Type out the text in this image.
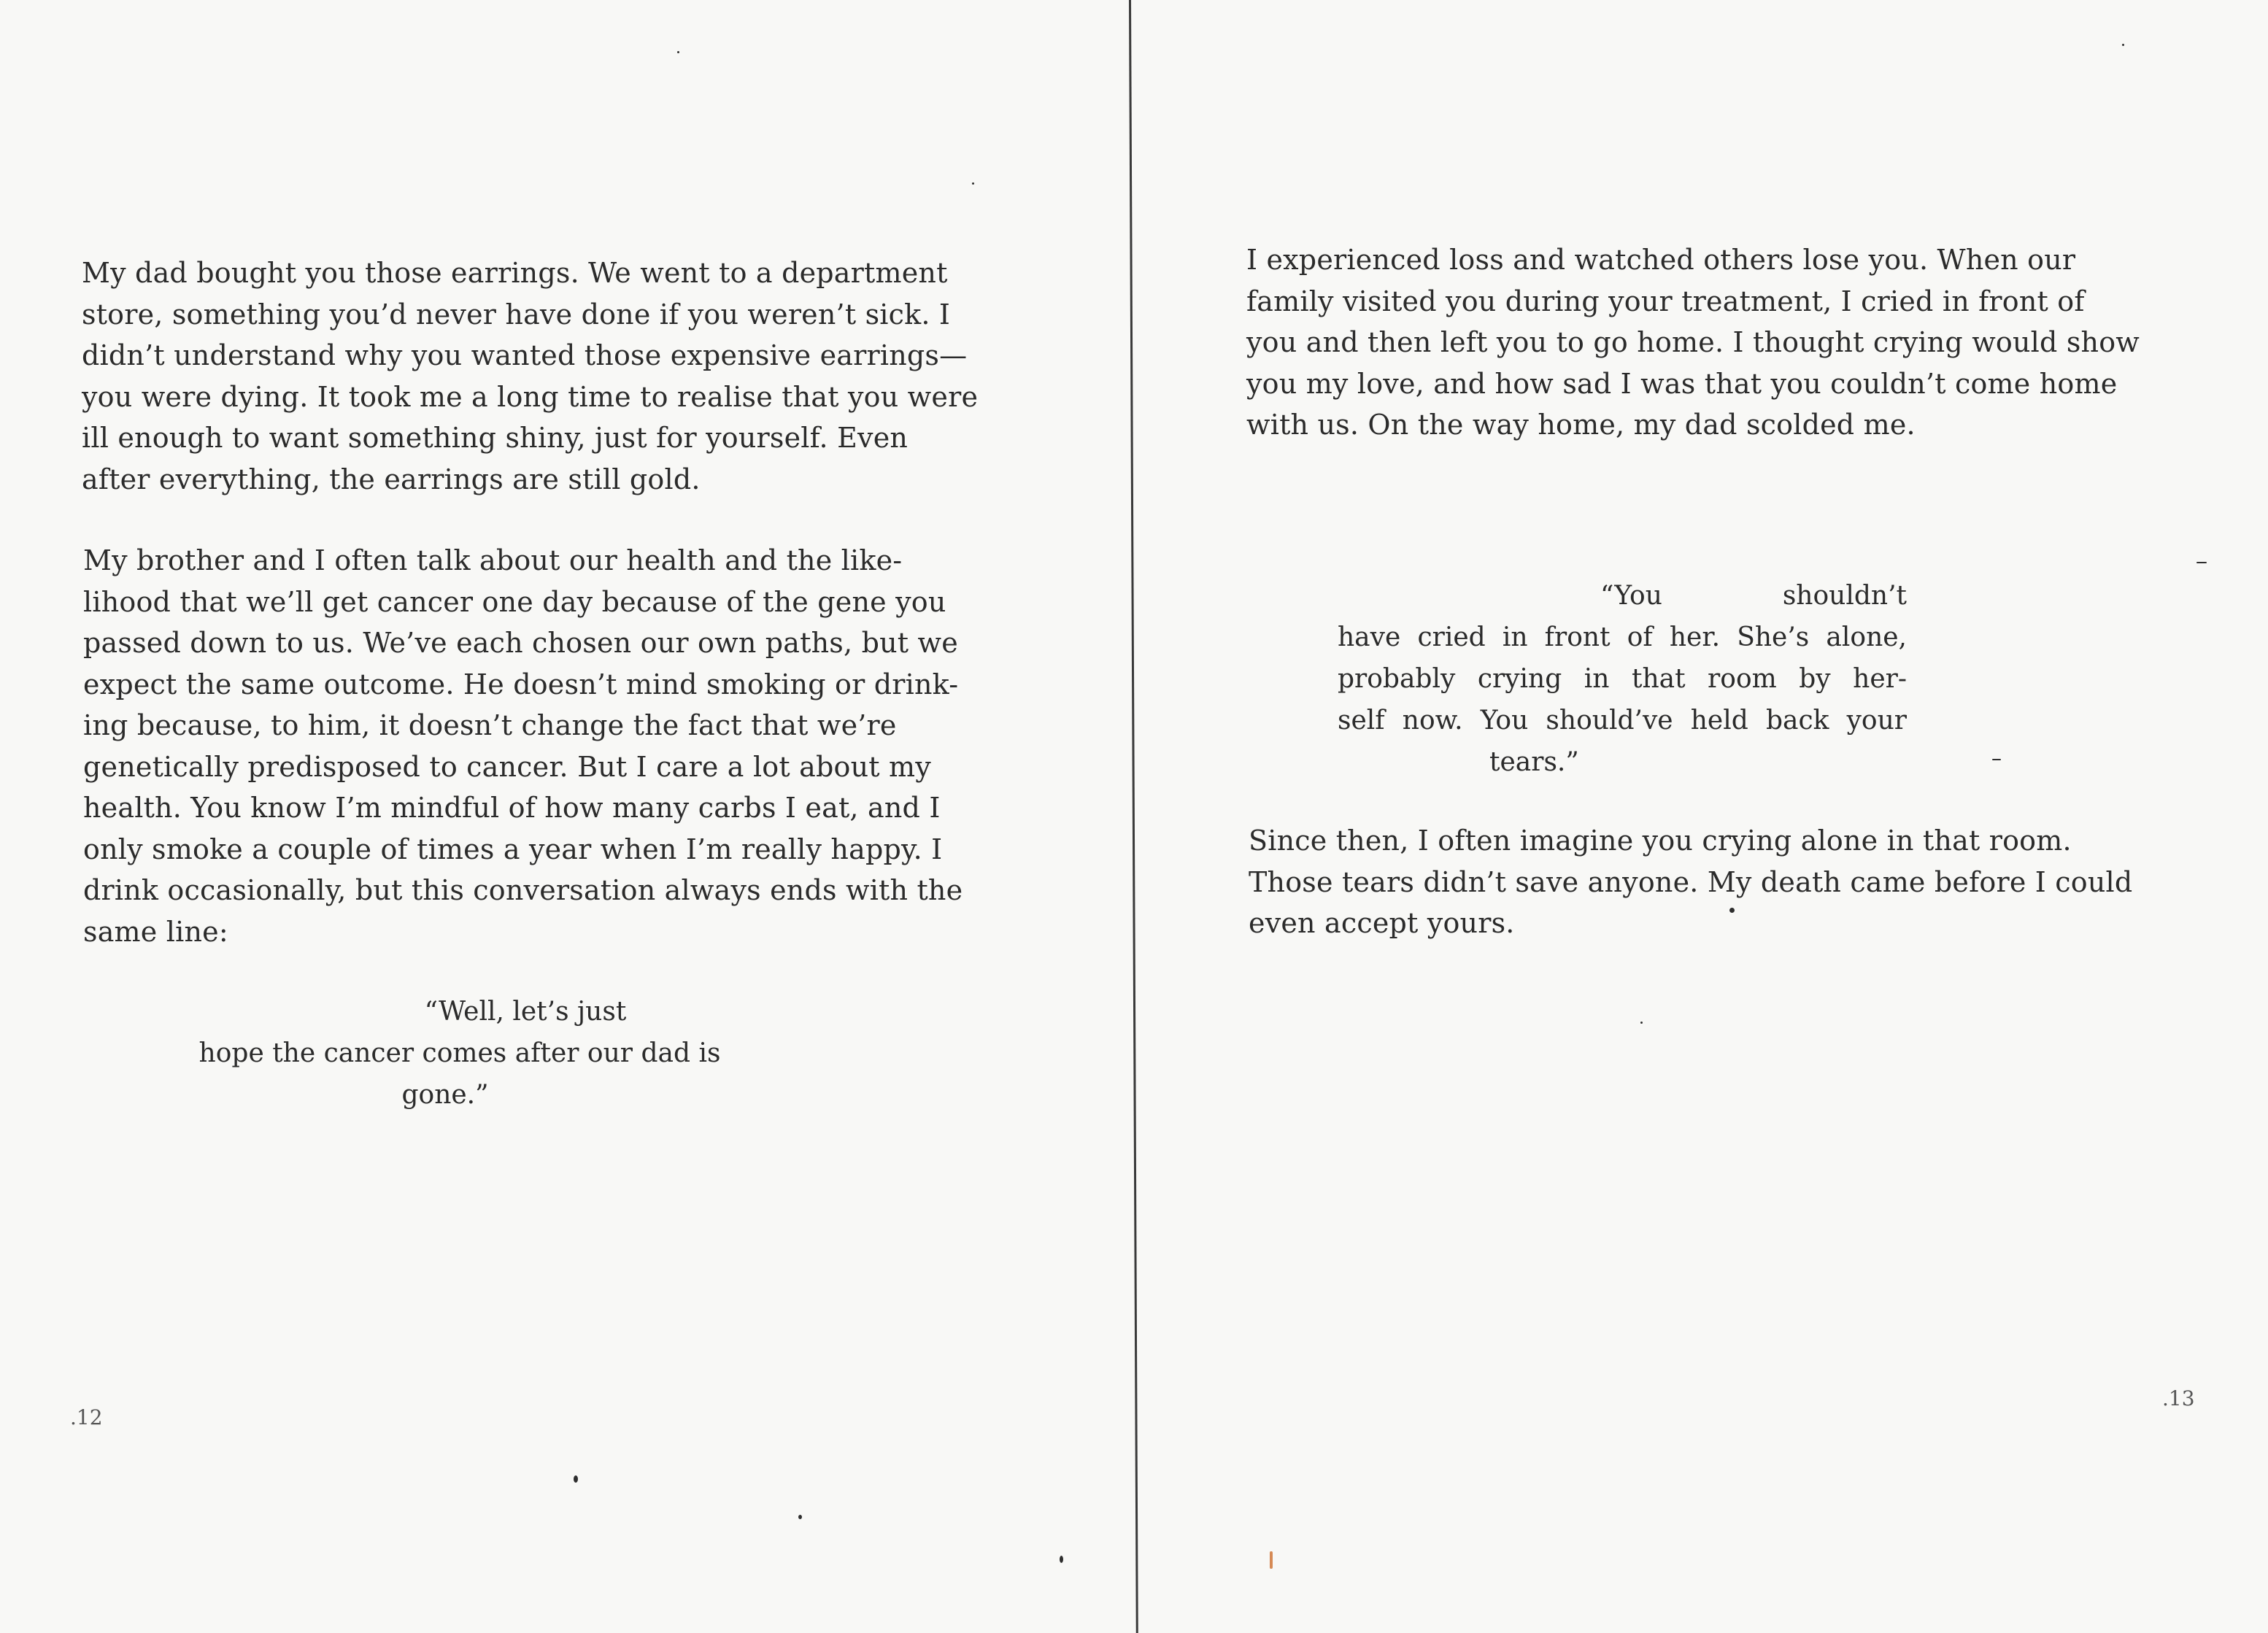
My dad bought you those earrings. We went to a department
store, something you’d never have done if you weren’t sick. I
didn’t understand why you wanted those expensive earrings—
you were dying. It took me a long time to realise that you were
ill enough to want something shiny, just for yourself. Even
after everything, the earrings are still gold.

My brother and I often talk about our health and the like-
lihood that we’ll get cancer one day because of the gene you
passed down to us. We’ve each chosen our own paths, but we
expect the same outcome. He doesn’t mind smoking or drink-
ing because, to him, it doesn’t change the fact that we’re
genetically predisposed to cancer. But I care a lot about my
health. You know I’m mindful of how many carbs I eat, and I
only smoke a couple of times a year when I’m really happy. I
drink occasionally, but this conversation always ends with the
same line:

“Well, let’s just
hope the cancer comes after our dad is
gone.”
.12

I experienced loss and watched others lose you. When our
family visited you during your treatment, I cried in front of
you and then left you to go home. I thought crying would show
you my love, and how sad I was that you couldn’t come home
with us. On the way home, my dad scolded me.

“You shouldn’t
have cried in front of her. She’s alone,
probably crying in that room by her-
self now. You should’ve held back your
tears.”

Since then, I often imagine you crying alone in that room.
Those tears didn’t save anyone. My death came before I could
even accept yours.

.13
